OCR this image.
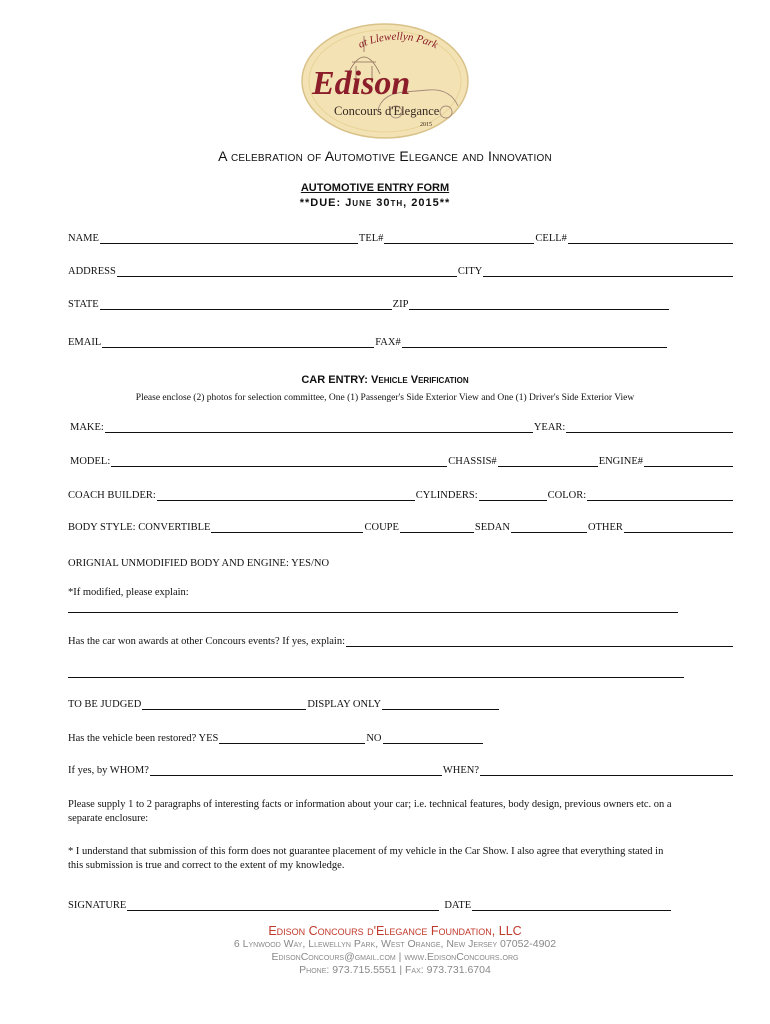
at Llewellyn Park
Edison
Concours d'Elegance
2015
A celebration of Automotive Elegance and Innovation
AUTOMOTIVE ENTRY FORM
**DUE: June 30th, 2015**
NAME	TEL#	CELL#
ADDRESS	CITY
STATE	ZIP
EMAIL	FAX#
CAR ENTRY: Vehicle Verification
Please enclose (2) photos for selection committee, One (1) Passenger's Side Exterior View and One (1) Driver's Side Exterior View
MAKE:	YEAR:
MODEL:	CHASSIS#	ENGINE#
COACH BUILDER:	CYLINDERS:	COLOR:
BODY STYLE: CONVERTIBLE	COUPE	SEDAN	OTHER
ORIGNIAL UNMODIFIED BODY AND ENGINE: YES/NO
*If modified, please explain:
Has the car won awards at other Concours events? If yes, explain:
TO BE JUDGED	DISPLAY ONLY
Has the vehicle been restored? YES	NO
If yes, by WHOM?	WHEN?
Please supply 1 to 2 paragraphs of interesting facts or information about your car; i.e. technical features, body design, previous owners etc. on a separate enclosure:
* I understand that submission of this form does not guarantee placement of my vehicle in the Car Show. I also agree that everything stated in this submission is true and correct to the extent of my knowledge.
SIGNATURE	DATE
Edison Concours d'Elegance Foundation, LLC
6 Lynwood Way, Llewellyn Park, West Orange, New Jersey 07052-4902
EdisonConcours@gmail.com | www.EdisonConcours.org
Phone: 973.715.5551 | Fax: 973.731.6704
